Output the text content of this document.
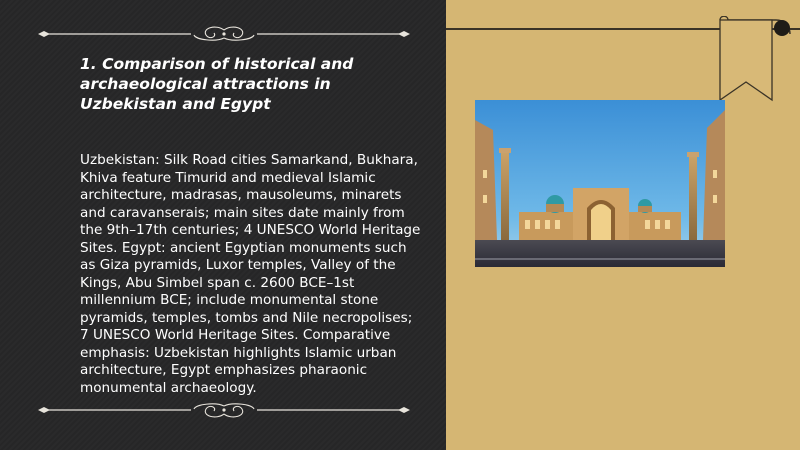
1. Comparison of historical and archaeological attractions in Uzbekistan and Egypt

Uzbekistan: Silk Road cities Samarkand, Bukhara, Khiva feature Timurid and medieval Islamic architecture, madrasas, mausoleums, minarets and caravanserais; main sites date mainly from the 9th–17th centuries; 4 UNESCO World Heritage Sites. Egypt: ancient Egyptian monuments such as Giza pyramids, Luxor temples, Valley of the Kings, Abu Simbel span c. 2600 BCE–1st millennium BCE; include monumental stone pyramids, temples, tombs and Nile necropolises; 7 UNESCO World Heritage Sites. Comparative emphasis: Uzbekistan highlights Islamic urban architecture, Egypt emphasizes pharaonic monumental archaeology.
